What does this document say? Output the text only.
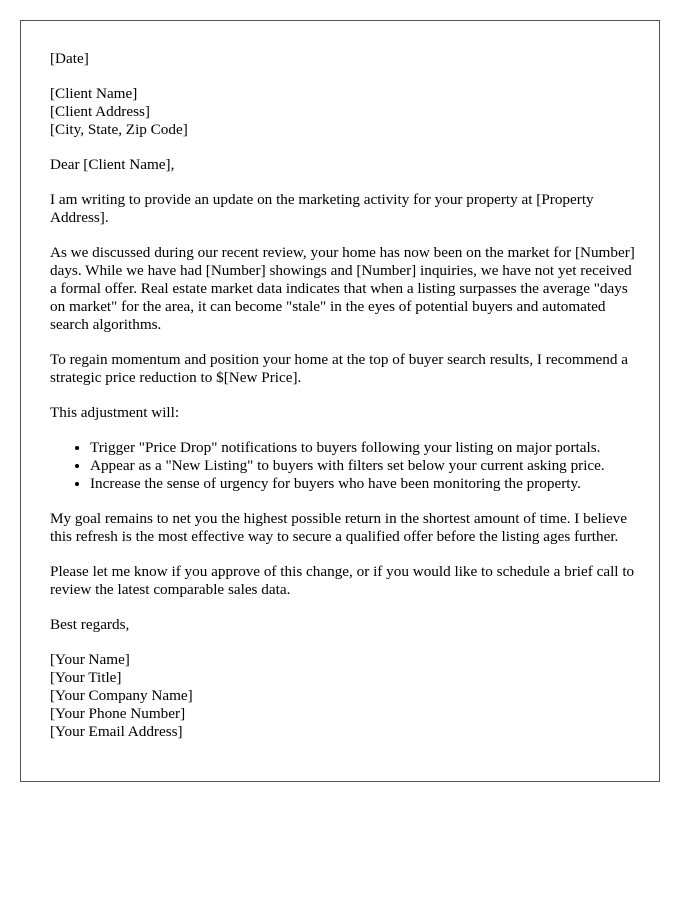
[Date]

[Client Name]
[Client Address]
[City, State, Zip Code]

Dear [Client Name],

I am writing to provide an update on the marketing activity for your property at [Property Address].

As we discussed during our recent review, your home has now been on the market for [Number] days. While we have had [Number] showings and [Number] inquiries, we have not yet received a formal offer. Real estate market data indicates that when a listing surpasses the average "days on market" for the area, it can become "stale" in the eyes of potential buyers and automated search algorithms.

To regain momentum and position your home at the top of buyer search results, I recommend a strategic price reduction to $[New Price].

This adjustment will:

• Trigger "Price Drop" notifications to buyers following your listing on major portals.
• Appear as a "New Listing" to buyers with filters set below your current asking price.
• Increase the sense of urgency for buyers who have been monitoring the property.

My goal remains to net you the highest possible return in the shortest amount of time. I believe this refresh is the most effective way to secure a qualified offer before the listing ages further.

Please let me know if you approve of this change, or if you would like to schedule a brief call to review the latest comparable sales data.

Best regards,

[Your Name]
[Your Title]
[Your Company Name]
[Your Phone Number]
[Your Email Address]
